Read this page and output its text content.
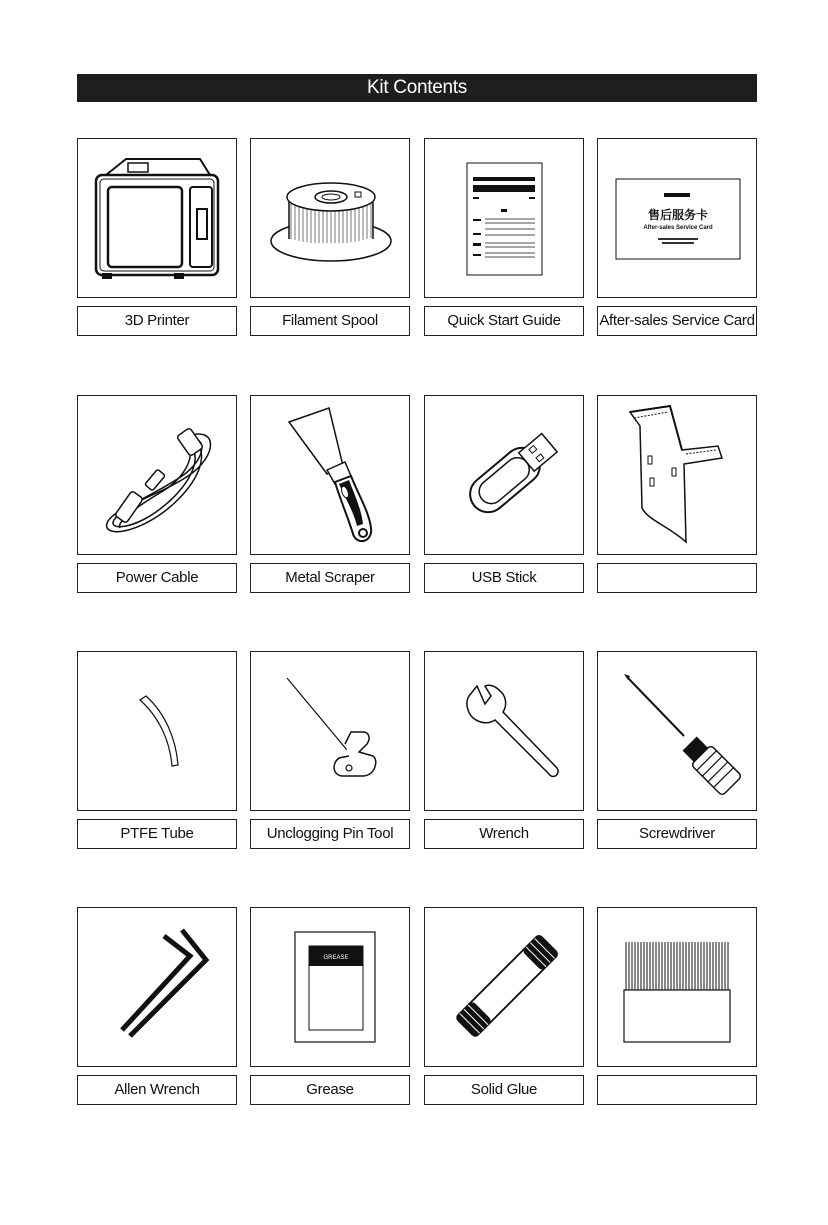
Kit Contents
3D Printer	Filament Spool	Quick Start Guide
售后服务卡
After-sales Service Card
After-sales Service Card
Power Cable	Metal Scraper	USB Stick
PTFE Tube	Unclogging Pin Tool	Wrench	Screwdriver
Allen Wrench
GREASE
Grease	Solid Glue
